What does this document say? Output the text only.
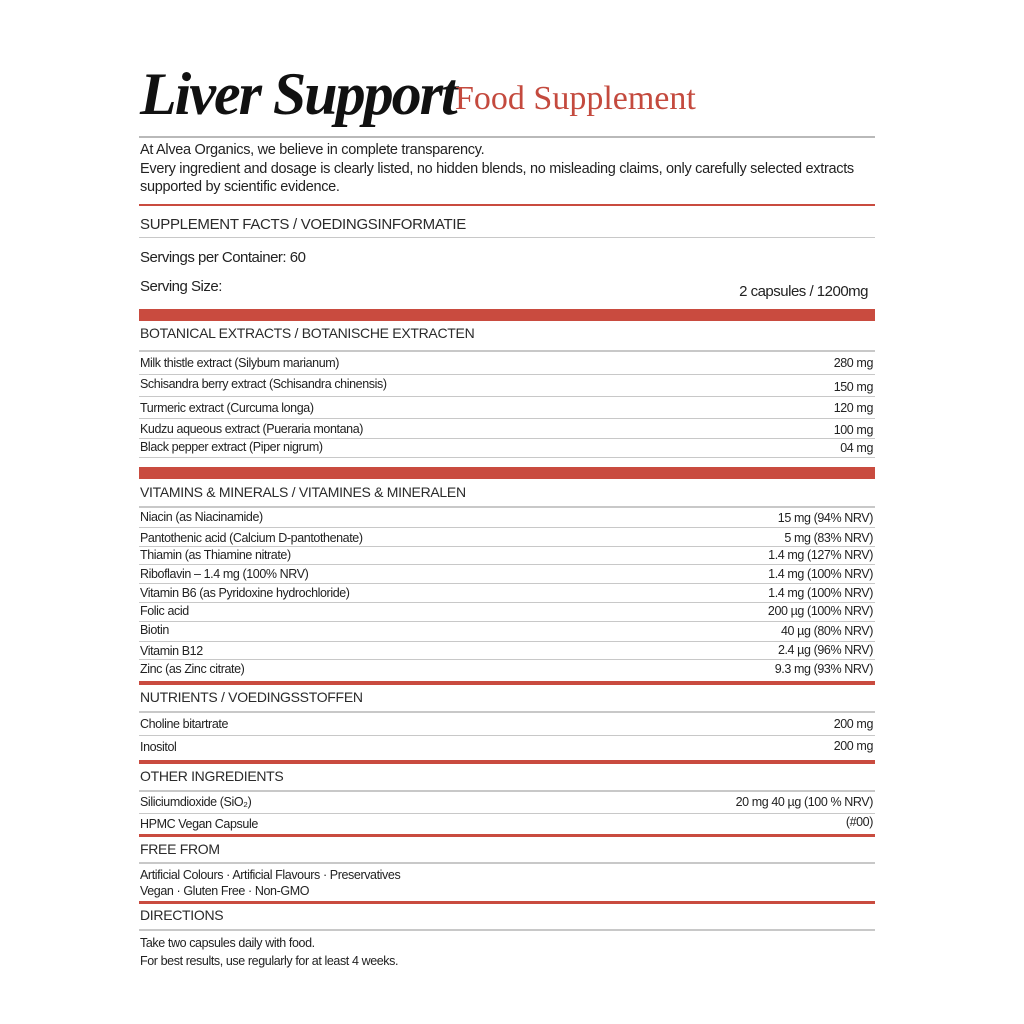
Liver Support Food Supplement
At Alvea Organics, we believe in complete transparency.
Every ingredient and dosage is clearly listed, no hidden blends, no misleading claims, only carefully selected extracts
supported by scientific evidence.
SUPPLEMENT FACTS / VOEDINGSINFORMATIE
Servings per Container: 60
Serving Size:	2 capsules / 1200mg
BOTANICAL EXTRACTS / BOTANISCHE EXTRACTEN
Milk thistle extract (Silybum marianum)	280 mg
Schisandra berry extract (Schisandra chinensis)	150 mg
Turmeric extract (Curcuma longa)	120 mg
Kudzu aqueous extract (Pueraria montana)	100 mg
Black pepper extract (Piper nigrum)	04 mg
VITAMINS & MINERALS / VITAMINES & MINERALEN
Niacin (as Niacinamide)	15 mg (94% NRV)
Pantothenic acid (Calcium D-pantothenate)	5 mg (83% NRV)
Thiamin (as Thiamine nitrate)	1.4 mg (127% NRV)
Riboflavin – 1.4 mg (100% NRV)	1.4 mg (100% NRV)
Vitamin B6 (as Pyridoxine hydrochloride)	1.4 mg (100% NRV)
Folic acid	200 µg (100% NRV)
Biotin	40 µg (80% NRV)
Vitamin B12	2.4 µg (96% NRV)
Zinc (as Zinc citrate)	9.3 mg (93% NRV)
NUTRIENTS / VOEDINGSSTOFFEN
Choline bitartrate	200 mg
Inositol	200 mg
OTHER INGREDIENTS
Siliciumdioxide (SiO₂)	20 mg 40 µg (100 % NRV)
HPMC Vegan Capsule	(#00)
FREE FROM
Artificial Colours · Artificial Flavours · Preservatives
Vegan · Gluten Free · Non-GMO
DIRECTIONS
Take two capsules daily with food.
For best results, use regularly for at least 4 weeks.
